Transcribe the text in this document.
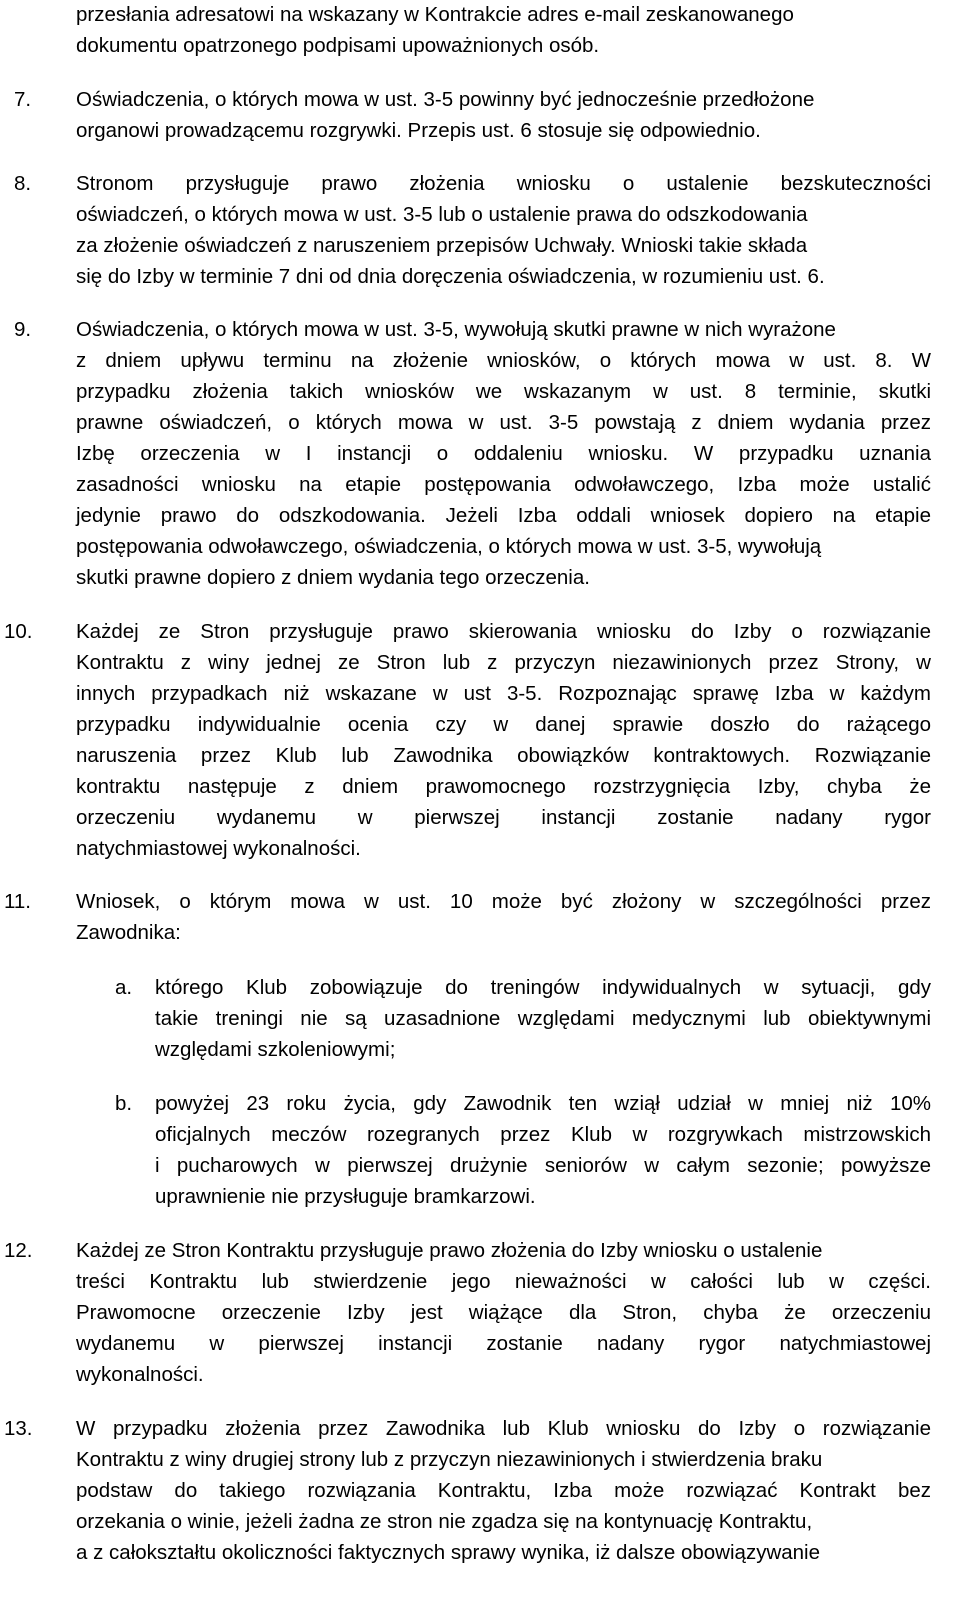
przesłania adresatowi na wskazany w Kontrakcie adres e-mail zeskanowanego
dokumentu opatrzonego podpisami upoważnionych osób.
7. Oświadczenia, o których mowa w ust. 3-5 powinny być jednocześnie przedłożone
organowi prowadzącemu rozgrywki. Przepis ust. 6 stosuje się odpowiednio.
8. Stronom przysługuje prawo złożenia wniosku o ustalenie bezskuteczności
oświadczeń, o których mowa w ust. 3-5 lub o ustalenie prawa do odszkodowania
za złożenie oświadczeń z naruszeniem przepisów Uchwały. Wnioski takie składa
się do Izby w terminie 7 dni od dnia doręczenia oświadczenia, w rozumieniu ust. 6.
9. Oświadczenia, o których mowa w ust. 3-5, wywołują skutki prawne w nich wyrażone
z dniem upływu terminu na złożenie wniosków, o których mowa w ust. 8. W
przypadku złożenia takich wniosków we wskazanym w ust. 8 terminie, skutki
prawne oświadczeń, o których mowa w ust. 3-5 powstają z dniem wydania przez
Izbę orzeczenia w I instancji o oddaleniu wniosku. W przypadku uznania
zasadności wniosku na etapie postępowania odwoławczego, Izba może ustalić
jedynie prawo do odszkodowania. Jeżeli Izba oddali wniosek dopiero na etapie
postępowania odwoławczego, oświadczenia, o których mowa w ust. 3-5, wywołują
skutki prawne dopiero z dniem wydania tego orzeczenia.
10. Każdej ze Stron przysługuje prawo skierowania wniosku do Izby o rozwiązanie
Kontraktu z winy jednej ze Stron lub z przyczyn niezawinionych przez Strony, w
innych przypadkach niż wskazane w ust 3-5. Rozpoznając sprawę Izba w każdym
przypadku indywidualnie ocenia czy w danej sprawie doszło do rażącego
naruszenia przez Klub lub Zawodnika obowiązków kontraktowych. Rozwiązanie
kontraktu następuje z dniem prawomocnego rozstrzygnięcia Izby, chyba że
orzeczeniu wydanemu w pierwszej instancji zostanie nadany rygor
natychmiastowej wykonalności.
11. Wniosek, o którym mowa w ust. 10 może być złożony w szczególności przez
Zawodnika:
a. którego Klub zobowiązuje do treningów indywidualnych w sytuacji, gdy
takie treningi nie są uzasadnione względami medycznymi lub obiektywnymi
względami szkoleniowymi;
b. powyżej 23 roku życia, gdy Zawodnik ten wziął udział w mniej niż 10%
oficjalnych meczów rozegranych przez Klub w rozgrywkach mistrzowskich
i pucharowych w pierwszej drużynie seniorów w całym sezonie; powyższe
uprawnienie nie przysługuje bramkarzowi.
12. Każdej ze Stron Kontraktu przysługuje prawo złożenia do Izby wniosku o ustalenie
treści Kontraktu lub stwierdzenie jego nieważności w całości lub w części.
Prawomocne orzeczenie Izby jest wiążące dla Stron, chyba że orzeczeniu
wydanemu w pierwszej instancji zostanie nadany rygor natychmiastowej
wykonalności.
13. W przypadku złożenia przez Zawodnika lub Klub wniosku do Izby o rozwiązanie
Kontraktu z winy drugiej strony lub z przyczyn niezawinionych i stwierdzenia braku
podstaw do takiego rozwiązania Kontraktu, Izba może rozwiązać Kontrakt bez
orzekania o winie, jeżeli żadna ze stron nie zgadza się na kontynuację Kontraktu,
a z całokształtu okoliczności faktycznych sprawy wynika, iż dalsze obowiązywanie
